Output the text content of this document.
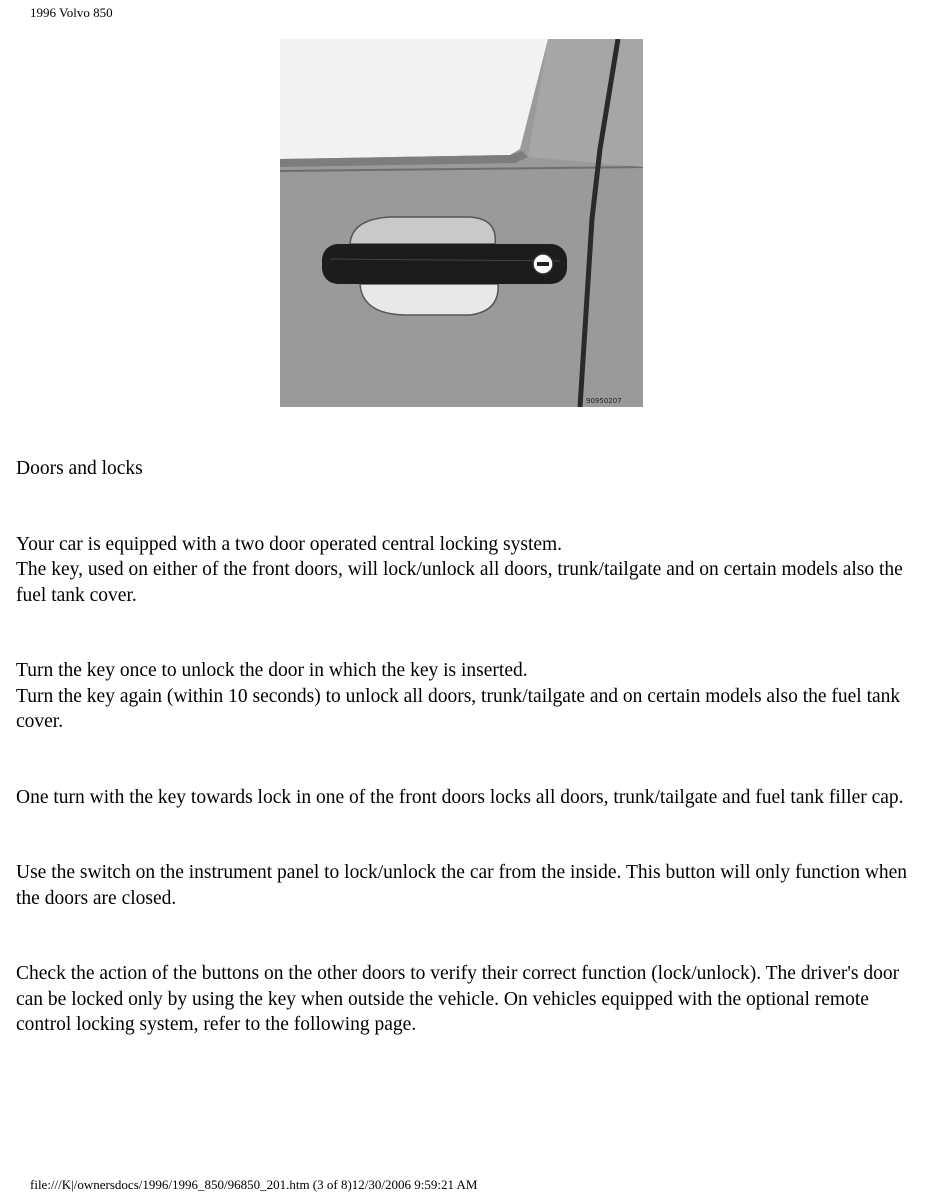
1996 Volvo 850
90950207
Doors and locks

Your car is equipped with a two door operated central locking system.

The key, used on either of the front doors, will lock/unlock all doors, trunk/tailgate and on certain models also the fuel tank cover.

Turn the key once to unlock the door in which the key is inserted.

Turn the key again (within 10 seconds) to unlock all doors, trunk/tailgate and on certain models also the fuel tank cover.

One turn with the key towards lock in one of the front doors locks all doors, trunk/tailgate and fuel tank filler cap.

Use the switch on the instrument panel to lock/unlock the car from the inside. This button will only function when the doors are closed.

Check the action of the buttons on the other doors to verify their correct function (lock/unlock). The driver's door can be locked only by using the key when outside the vehicle. On vehicles equipped with the optional remote control locking system, refer to the following page.

file:///K|/ownersdocs/1996/1996_850/96850_201.htm (3 of 8)12/30/2006 9:59:21 AM
